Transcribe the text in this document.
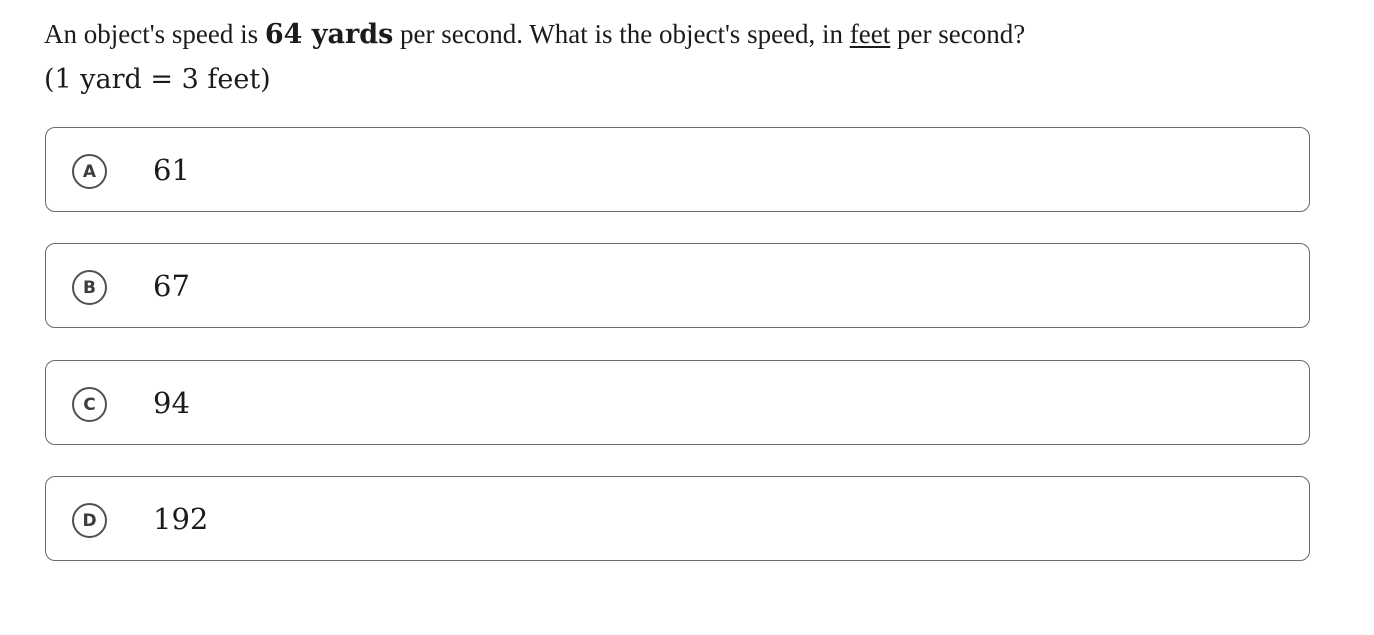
An object's speed is 64 yards per second. What is the object's speed, in feet per second?
(1 yard = 3 feet)
A	61
B	67
C	94
D	192
